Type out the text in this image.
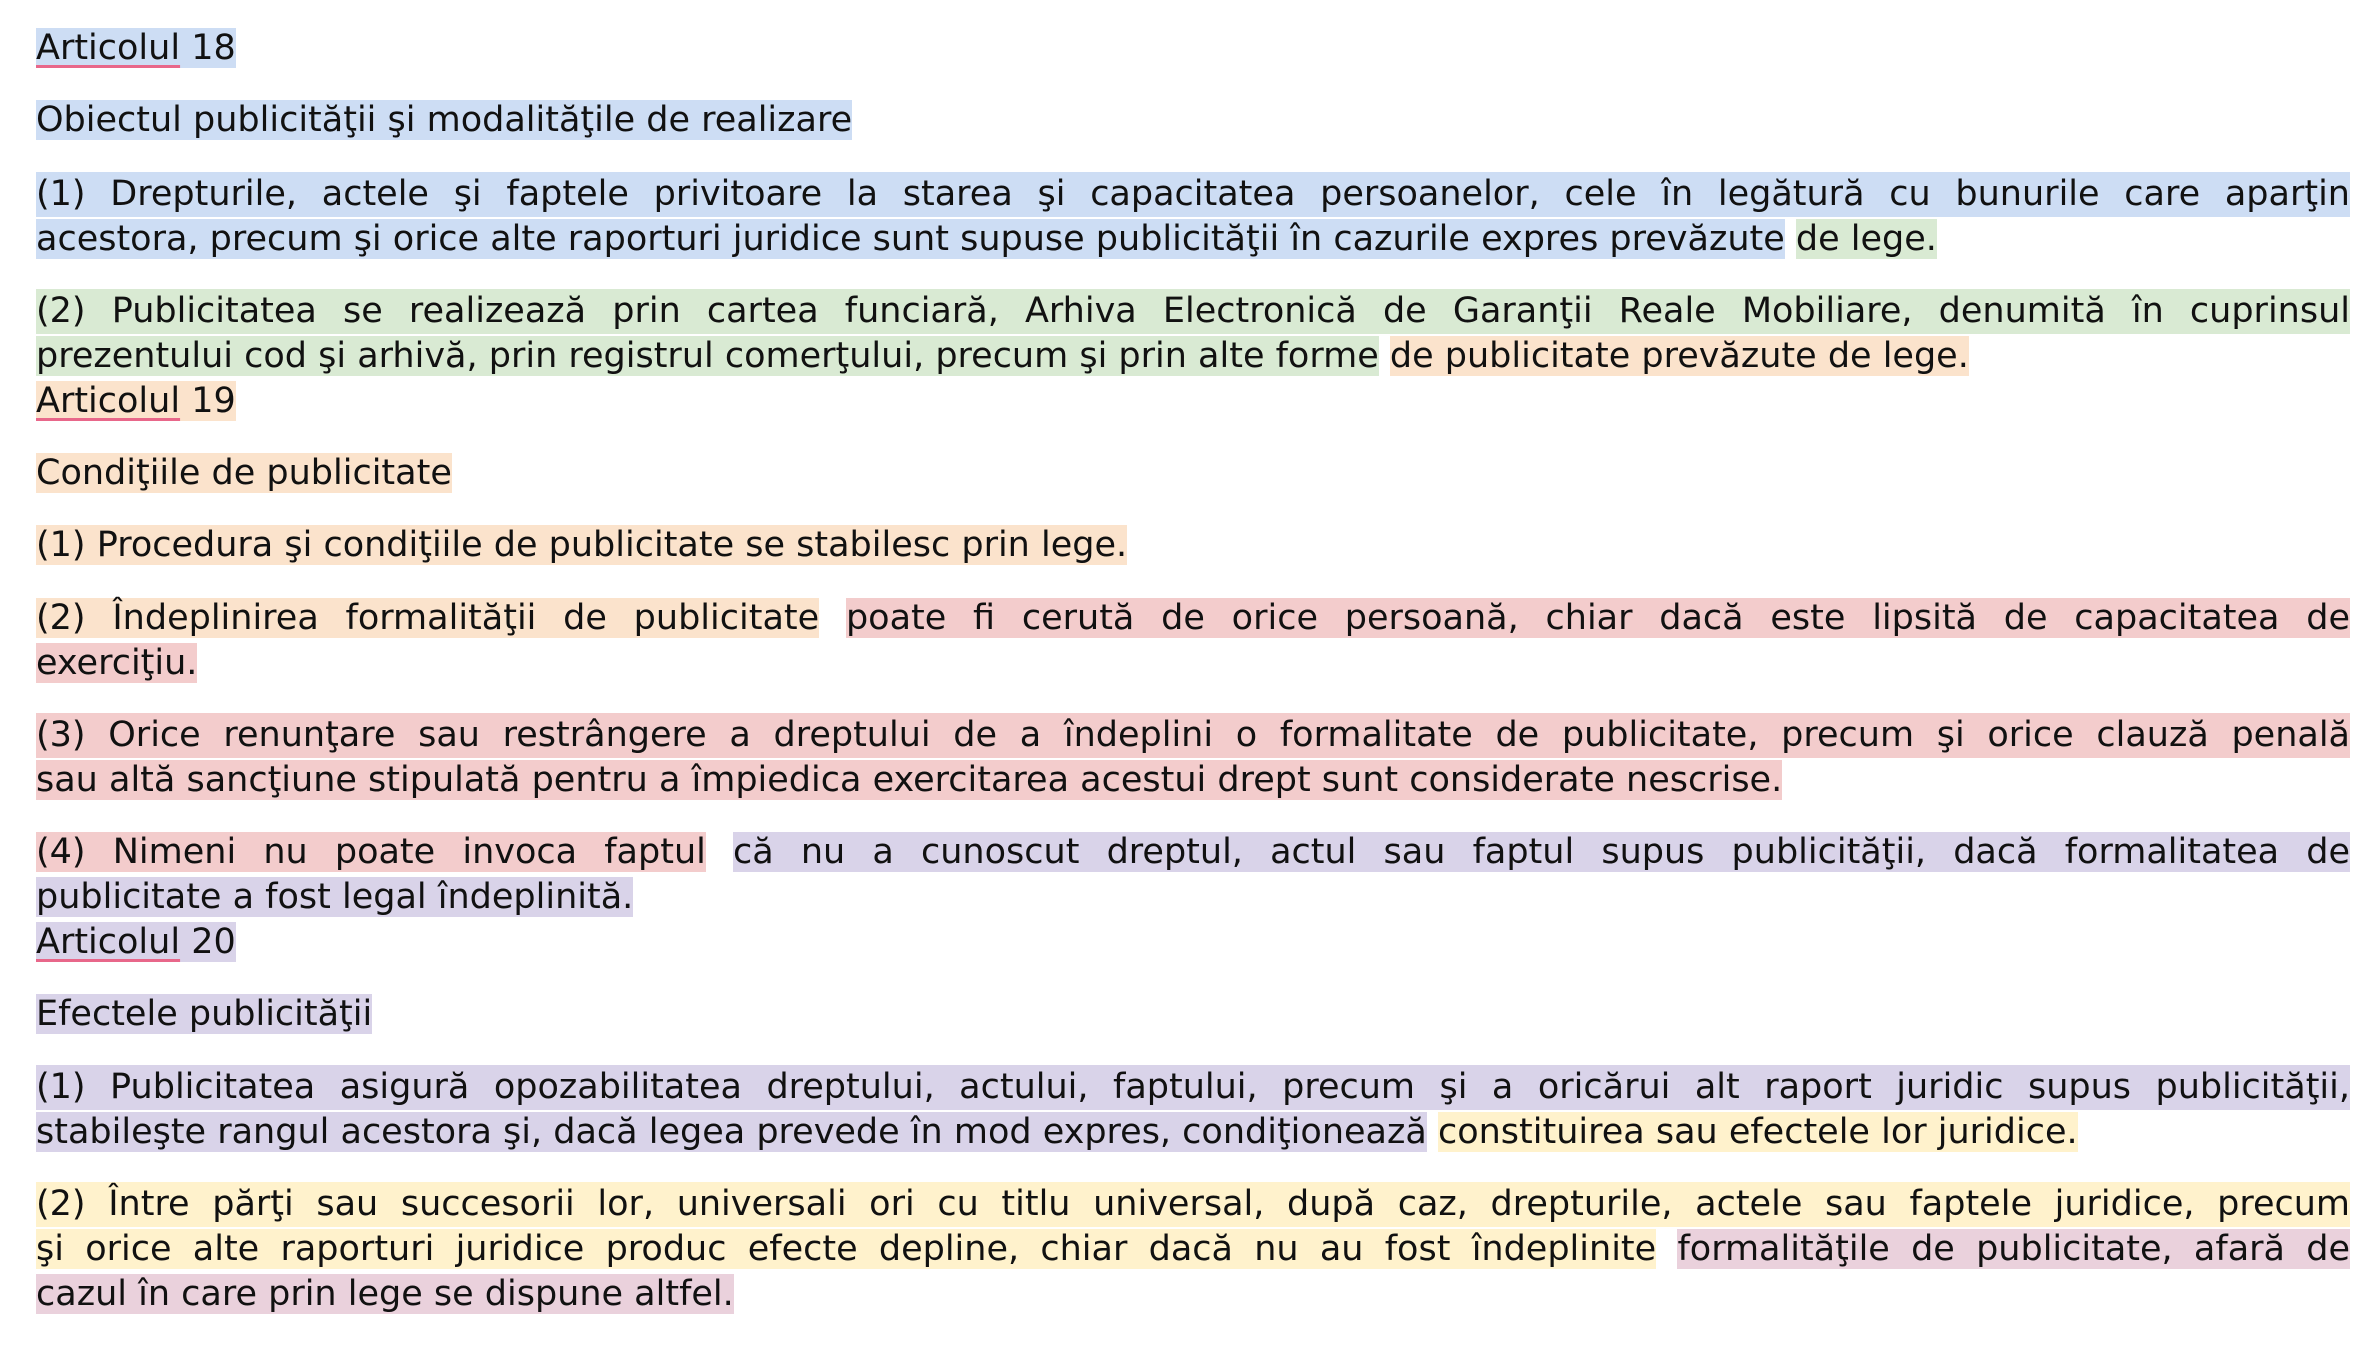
Articolul 18
Obiectul publicităţii şi modalităţile de realizare
(1) Drepturile, actele şi faptele privitoare la starea şi capacitatea persoanelor, cele în legătură cu bunurile care aparţin
acestora, precum şi orice alte raporturi juridice sunt supuse publicităţii în cazurile expres prevăzute de lege.
(2) Publicitatea se realizează prin cartea funciară, Arhiva Electronică de Garanţii Reale Mobiliare, denumită în cuprinsul
prezentului cod şi arhivă, prin registrul comerţului, precum şi prin alte forme de publicitate prevăzute de lege.
Articolul 19
Condiţiile de publicitate
(1) Procedura şi condiţiile de publicitate se stabilesc prin lege.
(2) Îndeplinirea formalităţii de publicitate poate fi cerută de orice persoană, chiar dacă este lipsită de capacitatea de
exerciţiu.
(3) Orice renunţare sau restrângere a dreptului de a îndeplini o formalitate de publicitate, precum şi orice clauză penală
sau altă sancţiune stipulată pentru a împiedica exercitarea acestui drept sunt considerate nescrise.
(4) Nimeni nu poate invoca faptul că nu a cunoscut dreptul, actul sau faptul supus publicităţii, dacă formalitatea de
publicitate a fost legal îndeplinită.
Articolul 20
Efectele publicităţii
(1) Publicitatea asigură opozabilitatea dreptului, actului, faptului, precum şi a oricărui alt raport juridic supus publicităţii,
stabileşte rangul acestora şi, dacă legea prevede în mod expres, condiţionează constituirea sau efectele lor juridice.
(2) Între părţi sau succesorii lor, universali ori cu titlu universal, după caz, drepturile, actele sau faptele juridice, precum
şi orice alte raporturi juridice produc efecte depline, chiar dacă nu au fost îndeplinite formalităţile de publicitate, afară de
cazul în care prin lege se dispune altfel.
